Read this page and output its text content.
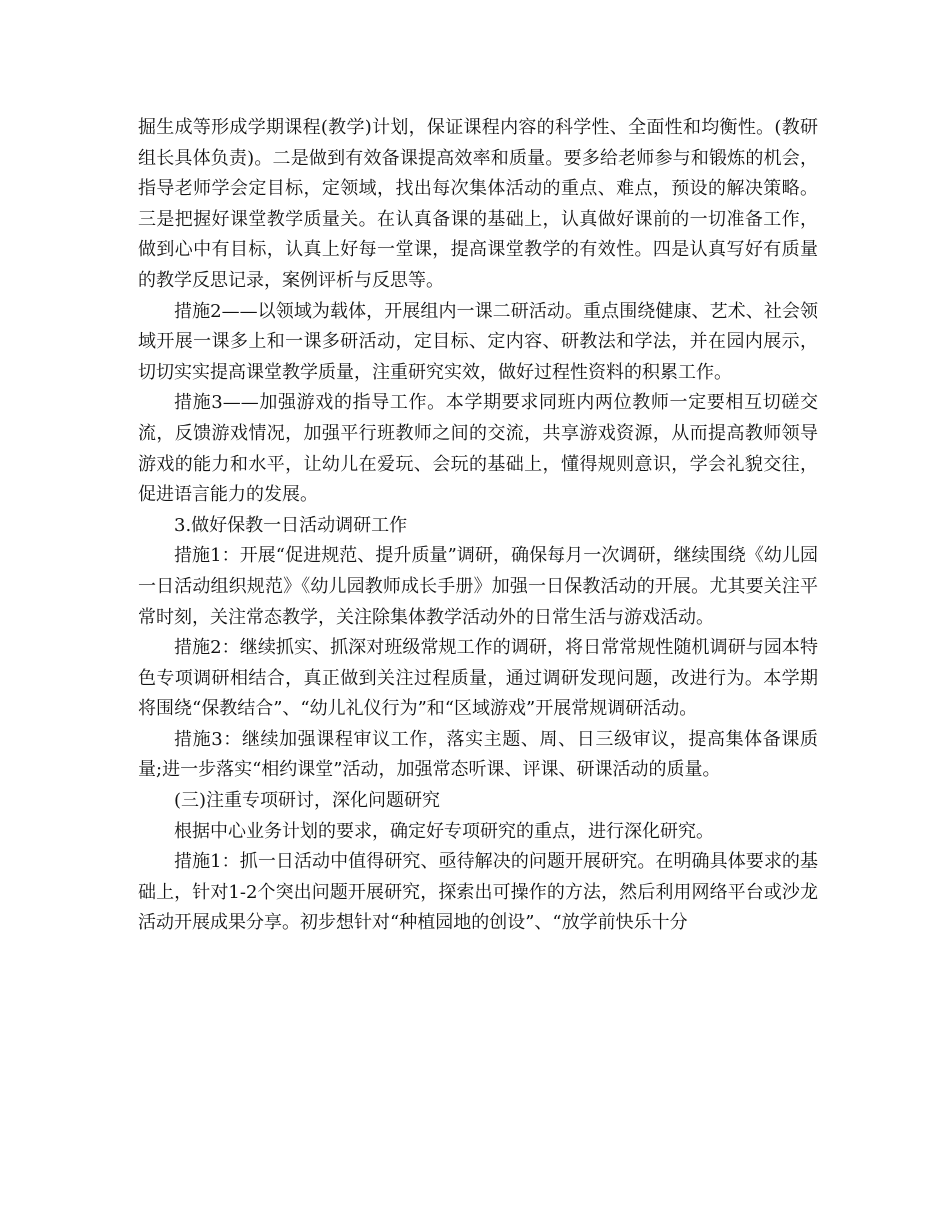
掘生成等形成学期课程(教学)计划，保证课程内容的科学性、全面性和均衡性。(教研组长具体负责)。二是做到有效备课提高效率和质量。要多给老师参与和锻炼的机会，指导老师学会定目标，定领域，找出每次集体活动的重点、难点，预设的解决策略。三是把握好课堂教学质量关。在认真备课的基础上，认真做好课前的一切准备工作，做到心中有目标，认真上好每一堂课，提高课堂教学的有效性。四是认真写好有质量的教学反思记录，案例评析与反思等。

措施2——以领域为载体，开展组内一课二研活动。重点围绕健康、艺术、社会领域开展一课多上和一课多研活动，定目标、定内容、研教法和学法，并在园内展示，切切实实提高课堂教学质量，注重研究实效，做好过程性资料的积累工作。

措施3——加强游戏的指导工作。本学期要求同班内两位教师一定要相互切磋交流，反馈游戏情况，加强平行班教师之间的交流，共享游戏资源，从而提高教师领导游戏的能力和水平，让幼儿在爱玩、会玩的基础上，懂得规则意识，学会礼貌交往，促进语言能力的发展。

3.做好保教一日活动调研工作

措施1：开展“促进规范、提升质量”调研，确保每月一次调研，继续围绕《幼儿园一日活动组织规范》《幼儿园教师成长手册》加强一日保教活动的开展。尤其要关注平常时刻，关注常态教学，关注除集体教学活动外的日常生活与游戏活动。

措施2：继续抓实、抓深对班级常规工作的调研，将日常常规性随机调研与园本特色专项调研相结合，真正做到关注过程质量，通过调研发现问题，改进行为。本学期将围绕“保教结合”、“幼儿礼仪行为”和“区域游戏”开展常规调研活动。

措施3：继续加强课程审议工作，落实主题、周、日三级审议，提高集体备课质量;进一步落实“相约课堂”活动，加强常态听课、评课、研课活动的质量。

(三)注重专项研讨，深化问题研究

根据中心业务计划的要求，确定好专项研究的重点，进行深化研究。

措施1：抓一日活动中值得研究、亟待解决的问题开展研究。在明确具体要求的基础上，针对1-2个突出问题开展研究，探索出可操作的方法，然后利用网络平台或沙龙活动开展成果分享。初步想针对“种植园地的创设”、“放学前快乐十分
